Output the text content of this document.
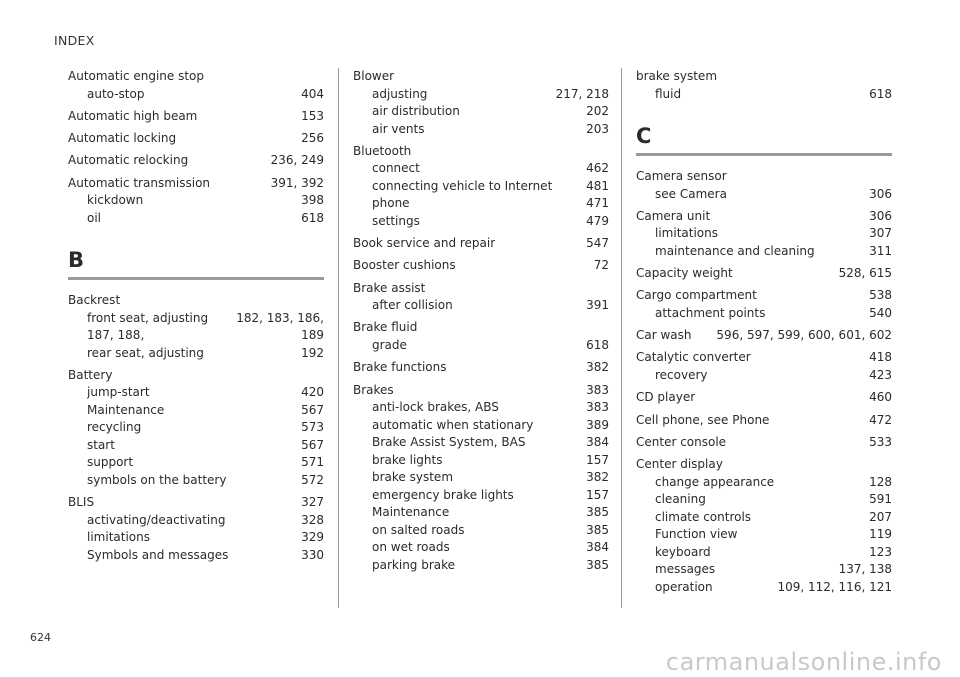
INDEX
Automatic engine stop
auto-stop	404
Automatic high beam	153
Automatic locking	256
Automatic relocking	236, 249
Automatic transmission	391, 392
kickdown	398
oil	618
B
Backrest
front seat, adjusting	182, 183, 186,
187, 188,	189
rear seat, adjusting	192
Battery
jump-start	420
Maintenance	567
recycling	573
start	567
support	571
symbols on the battery	572
BLIS	327
activating/deactivating	328
limitations	329
Symbols and messages	330
Blower
adjusting	217, 218
air distribution	202
air vents	203
Bluetooth
connect	462
connecting vehicle to Internet	481
phone	471
settings	479
Book service and repair	547
Booster cushions	72
Brake assist
after collision	391
Brake fluid
grade	618
Brake functions	382
Brakes	383
anti-lock brakes, ABS	383
automatic when stationary	389
Brake Assist System, BAS	384
brake lights	157
brake system	382
emergency brake lights	157
Maintenance	385
on salted roads	385
on wet roads	384
parking brake	385
brake system
fluid	618
C
Camera sensor
see Camera	306
Camera unit	306
limitations	307
maintenance and cleaning	311
Capacity weight	528, 615
Cargo compartment	538
attachment points	540
Car wash	596, 597, 599, 600, 601, 602
Catalytic converter	418
recovery	423
CD player	460
Cell phone, see Phone	472
Center console	533
Center display
change appearance	128
cleaning	591
climate controls	207
Function view	119
keyboard	123
messages	137, 138
operation	109, 112, 116, 121
624
carmanualsonline.info
